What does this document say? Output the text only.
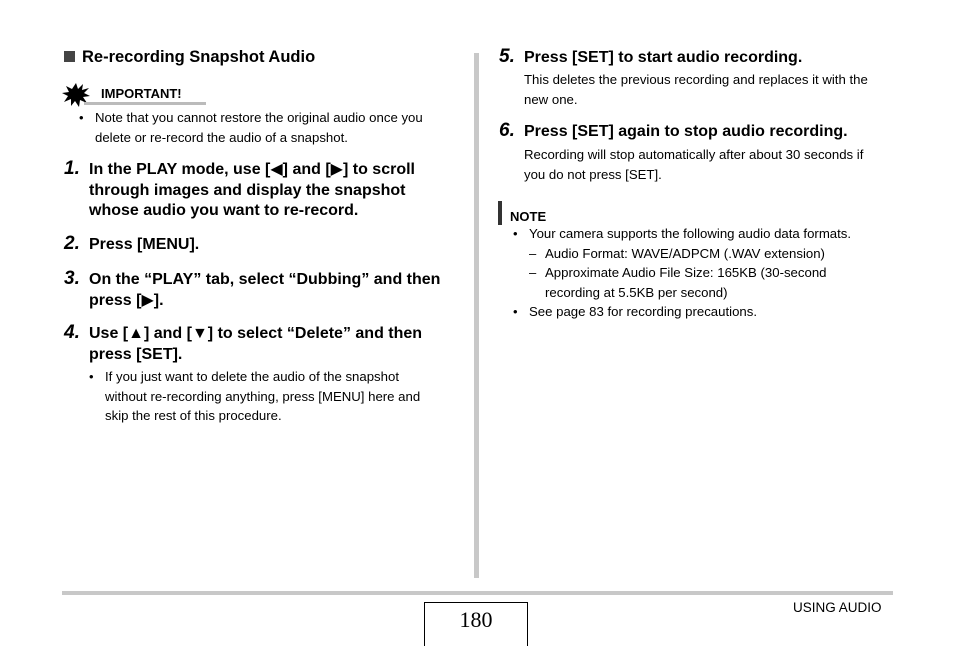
Re-recording Snapshot Audio
IMPORTANT!
• Note that you cannot restore the original audio once you
delete or re-record the audio of a snapshot.
1. In the PLAY mode, use [◀] and [▶] to scroll
through images and display the snapshot
whose audio you want to re-record.
2. Press [MENU].
3. On the “PLAY” tab, select “Dubbing” and then
press [▶].
4. Use [▲] and [▼] to select “Delete” and then
press [SET].
• If you just want to delete the audio of the snapshot
without re-recording anything, press [MENU] here and
skip the rest of this procedure.
5. Press [SET] to start audio recording.
This deletes the previous recording and replaces it with the
new one.
6. Press [SET] again to stop audio recording.
Recording will stop automatically after about 30 seconds if
you do not press [SET].
NOTE
• Your camera supports the following audio data formats.
– Audio Format: WAVE/ADPCM (.WAV extension)
– Approximate Audio File Size: 165KB (30-second
recording at 5.5KB per second)
• See page 83 for recording precautions.
180	USING AUDIO
